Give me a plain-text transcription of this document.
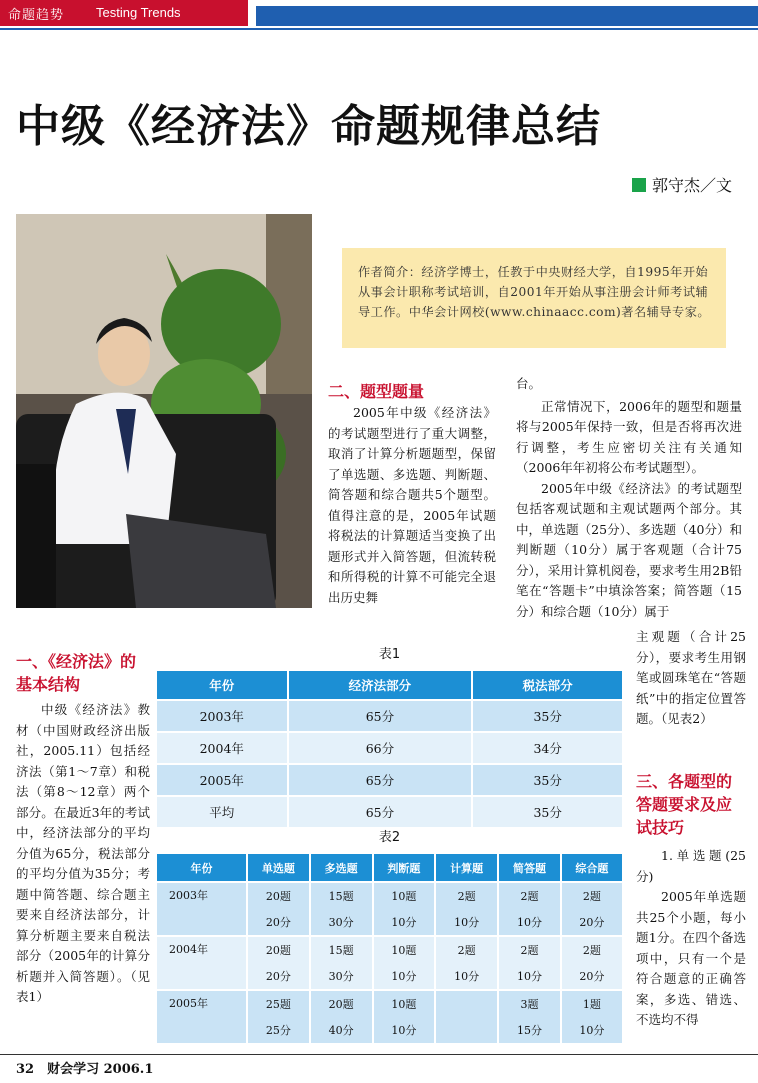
命题趋势 Testing Trends
中级《经济法》命题规律总结
郭守杰／文
作者简介：经济学博士，任教于中央财经大学，自1995年开始从事会计职称考试培训，自2001年开始从事注册会计师考试辅导工作。中华会计网校(www.chinaacc.com)著名辅导专家。
二、题型题量
2005年中级《经济法》的考试题型进行了重大调整，取消了计算分析题题型，保留了单选题、多选题、判断题、简答题和综合题共5个题型。值得注意的是，2005年试题将税法的计算题适当变换了出题形式并入简答题，但流转税和所得税的计算不可能完全退出历史舞
台。
正常情况下，2006年的题型和题量将与2005年保持一致，但是否将再次进行调整，考生应密切关注有关通知（2006年年初将公布考试题型）。
2005年中级《经济法》的考试题型包括客观试题和主观试题两个部分。其中，单选题（25分）、多选题（40分）和判断题（10分）属于客观题（合计75分），采用计算机阅卷，要求考生用2B铅笔在“答题卡”中填涂答案；简答题（15分）和综合题（10分）属于
主观题（合计25分），要求考生用钢笔或圆珠笔在“答题纸”中的指定位置答题。（见表2）
三、各题型的答题要求及应试技巧
1.单选题(25分)
2005年单选题共25个小题，每小题1分。在四个备选项中，只有一个是符合题意的正确答案，多选、错选、不选均不得
一、《经济法》的基本结构
中级《经济法》教材（中国财政经济出版社，2005.11）包括经济法（第1～7章）和税法（第8～12章）两个部分。在最近3年的考试中，经济法部分的平均分值为65分，税法部分的平均分值为35分；考题中简答题、综合题主要来自经济法部分，计算分析题主要来自税法部分（2005年的计算分析题并入简答题）。（见表1）
表1
年份	经济法部分	税法部分
2003年	65分	35分
2004年	66分	34分
2005年	65分	35分
平均	65分	35分
表2
年份	单选题	多选题	判断题	计算题	简答题	综合题
2003年	20题	15题	10题	2题	2题	2题
	20分	30分	10分	10分	10分	20分
2004年	20题	15题	10题	2题	2题	2题
	20分	30分	10分	10分	10分	20分
2005年	25题	20题	10题		3题	1题
	25分	40分	10分		15分	10分
32　财会学习 2006.1
